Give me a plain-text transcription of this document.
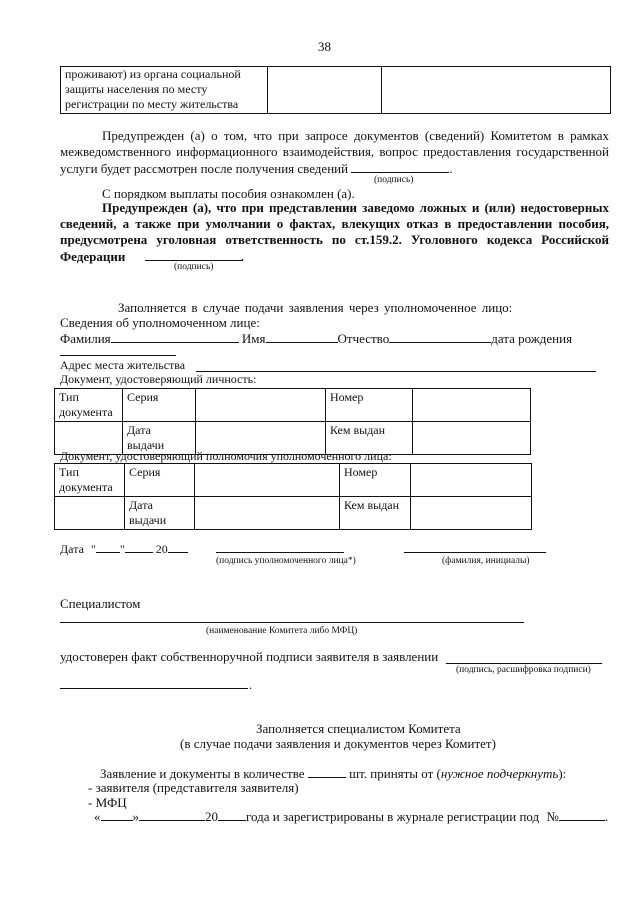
38
проживают) из органа социальной
защиты населения по месту
регистрации по месту жительства

Предупрежден (а) о том, что при запросе документов (сведений) Комитетом в рамках
межведомственного информационного взаимодействия, вопрос предоставления государственной
услуги будет рассмотрен после получения сведений	.
(подпись)
С порядком выплаты пособия ознакомлен (а).
Предупрежден (а), что при представлении заведомо ложных и (или) недостоверных
сведений, а также при умолчании о фактах, влекущих отказ в предоставлении пособия,
предусмотрена уголовная ответственность по ст.159.2. Уголовного кодекса Российской
Федерации	.
(подпись)
Заполняется в случае подачи заявления через уполномоченное лицо:
Сведения об уполномоченном лице:
Фамилия	Имя	Отчество	дата рождения
Адрес места жительства
Документ, удостоверяющий личность:
Тип
документа	Серия		Номер	

	Дата
выдачи		Кем выдан	
Документ, удостоверяющий полномочия уполномоченного лица:
Тип
документа	Серия		Номер	

	Дата
выдачи		Кем выдан	
Дата " "	20
(подпись уполномоченного лица*)	(фамилия, инициалы)
Специалистом
(наименование Комитета либо МФЦ)
удостоверен факт собственноручной подписи заявителя в заявлении
(подпись, расшифровка подписи)
.
Заполняется специалистом Комитета
(в случае подачи заявления и документов через Комитет)
Заявление и документы в количестве	шт. приняты от (нужное подчеркнуть):
- заявителя (представителя заявителя)
- МФЦ
« »	20 года и зарегистрированы в журнале регистрации под №	.
